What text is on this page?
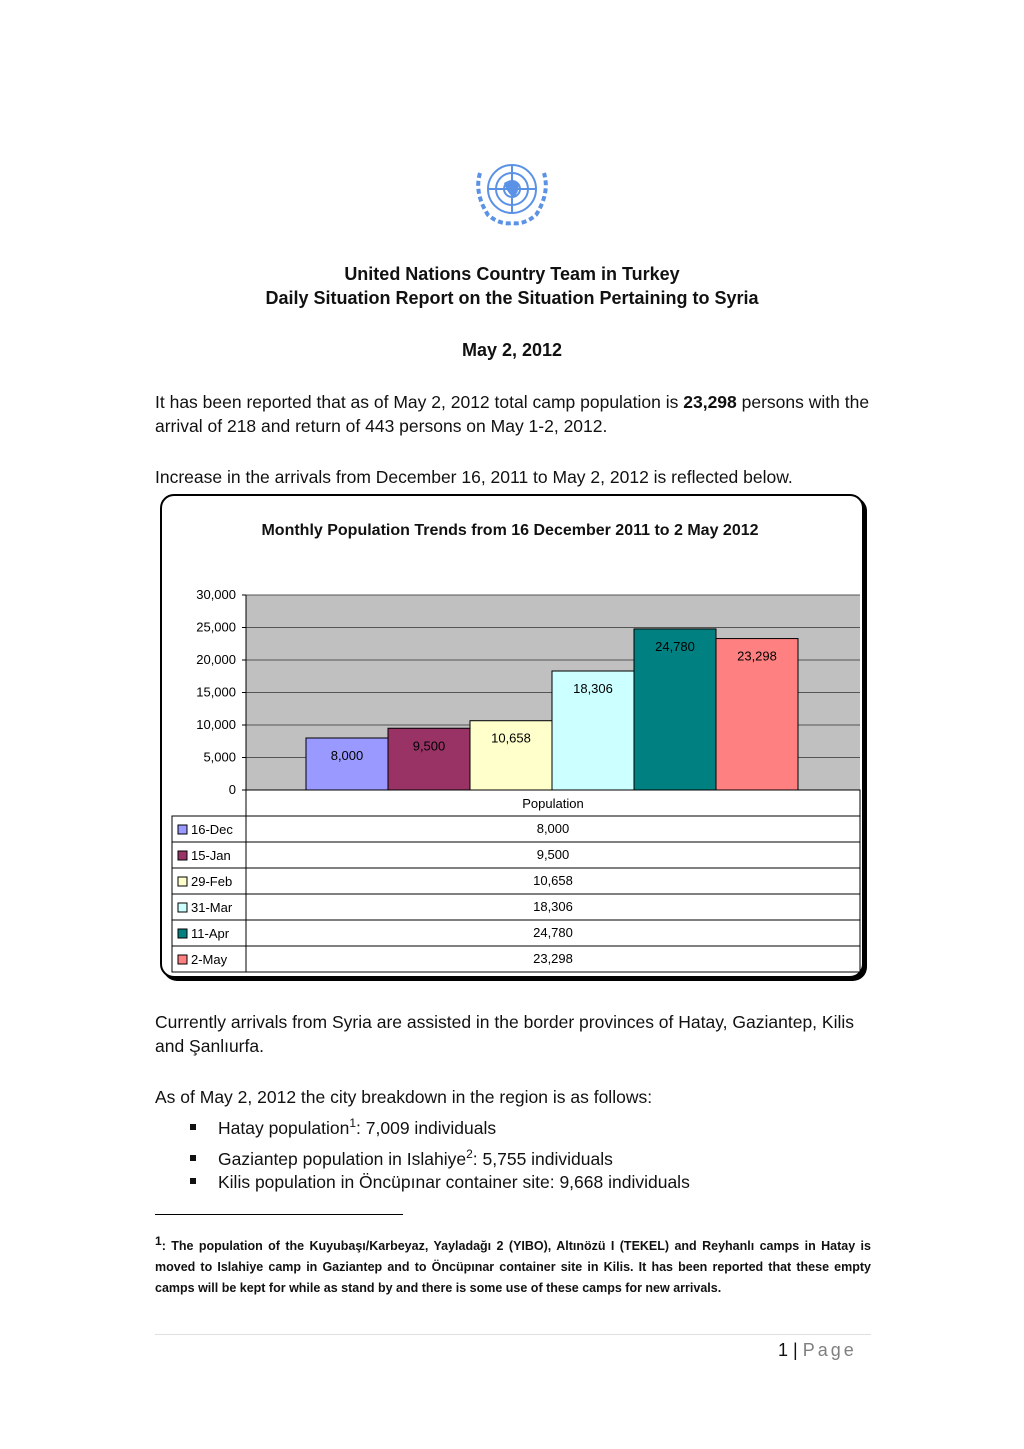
United Nations Country Team in Turkey
Daily Situation Report on the Situation Pertaining to Syria
May 2, 2012
It has been reported that as of May 2, 2012 total camp population is 23,298 persons with the arrival of 218 and return of 443 persons on May 1-2, 2012.
Increase in the arrivals from December 16, 2011 to May 2, 2012 is reflected below.
Monthly Population Trends from 16 December 2011 to 2 May 2012
0
5,000
10,000
15,000
20,000
25,000
30,000
8,000
9,500
10,658
18,306
24,780
23,298
Population
16-Dec	8,000
15-Jan	9,500
29-Feb	10,658
31-Mar	18,306
11-Apr	24,780
2-May	23,298
Currently arrivals from Syria are assisted in the border provinces of Hatay, Gaziantep, Kilis and Şanlıurfa.
As of May 2, 2012 the city breakdown in the region is as follows:
Hatay population$^1$: 7,009 individuals
Gaziantep population in Islahiye$^2$: 5,755 individuals
Kilis population in Öncüpınar container site: 9,668 individuals
$^1$: The population of the Kuyubaşı/Karbeyaz, Yayladağı 2 (YIBO), Altınözü I (TEKEL) and Reyhanlı camps in Hatay is moved to Islahiye camp in Gaziantep and to Öncüpınar container site in Kilis. It has been reported that these empty camps will be kept for while as stand by and there is some use of these camps for new arrivals.
1 | Page
